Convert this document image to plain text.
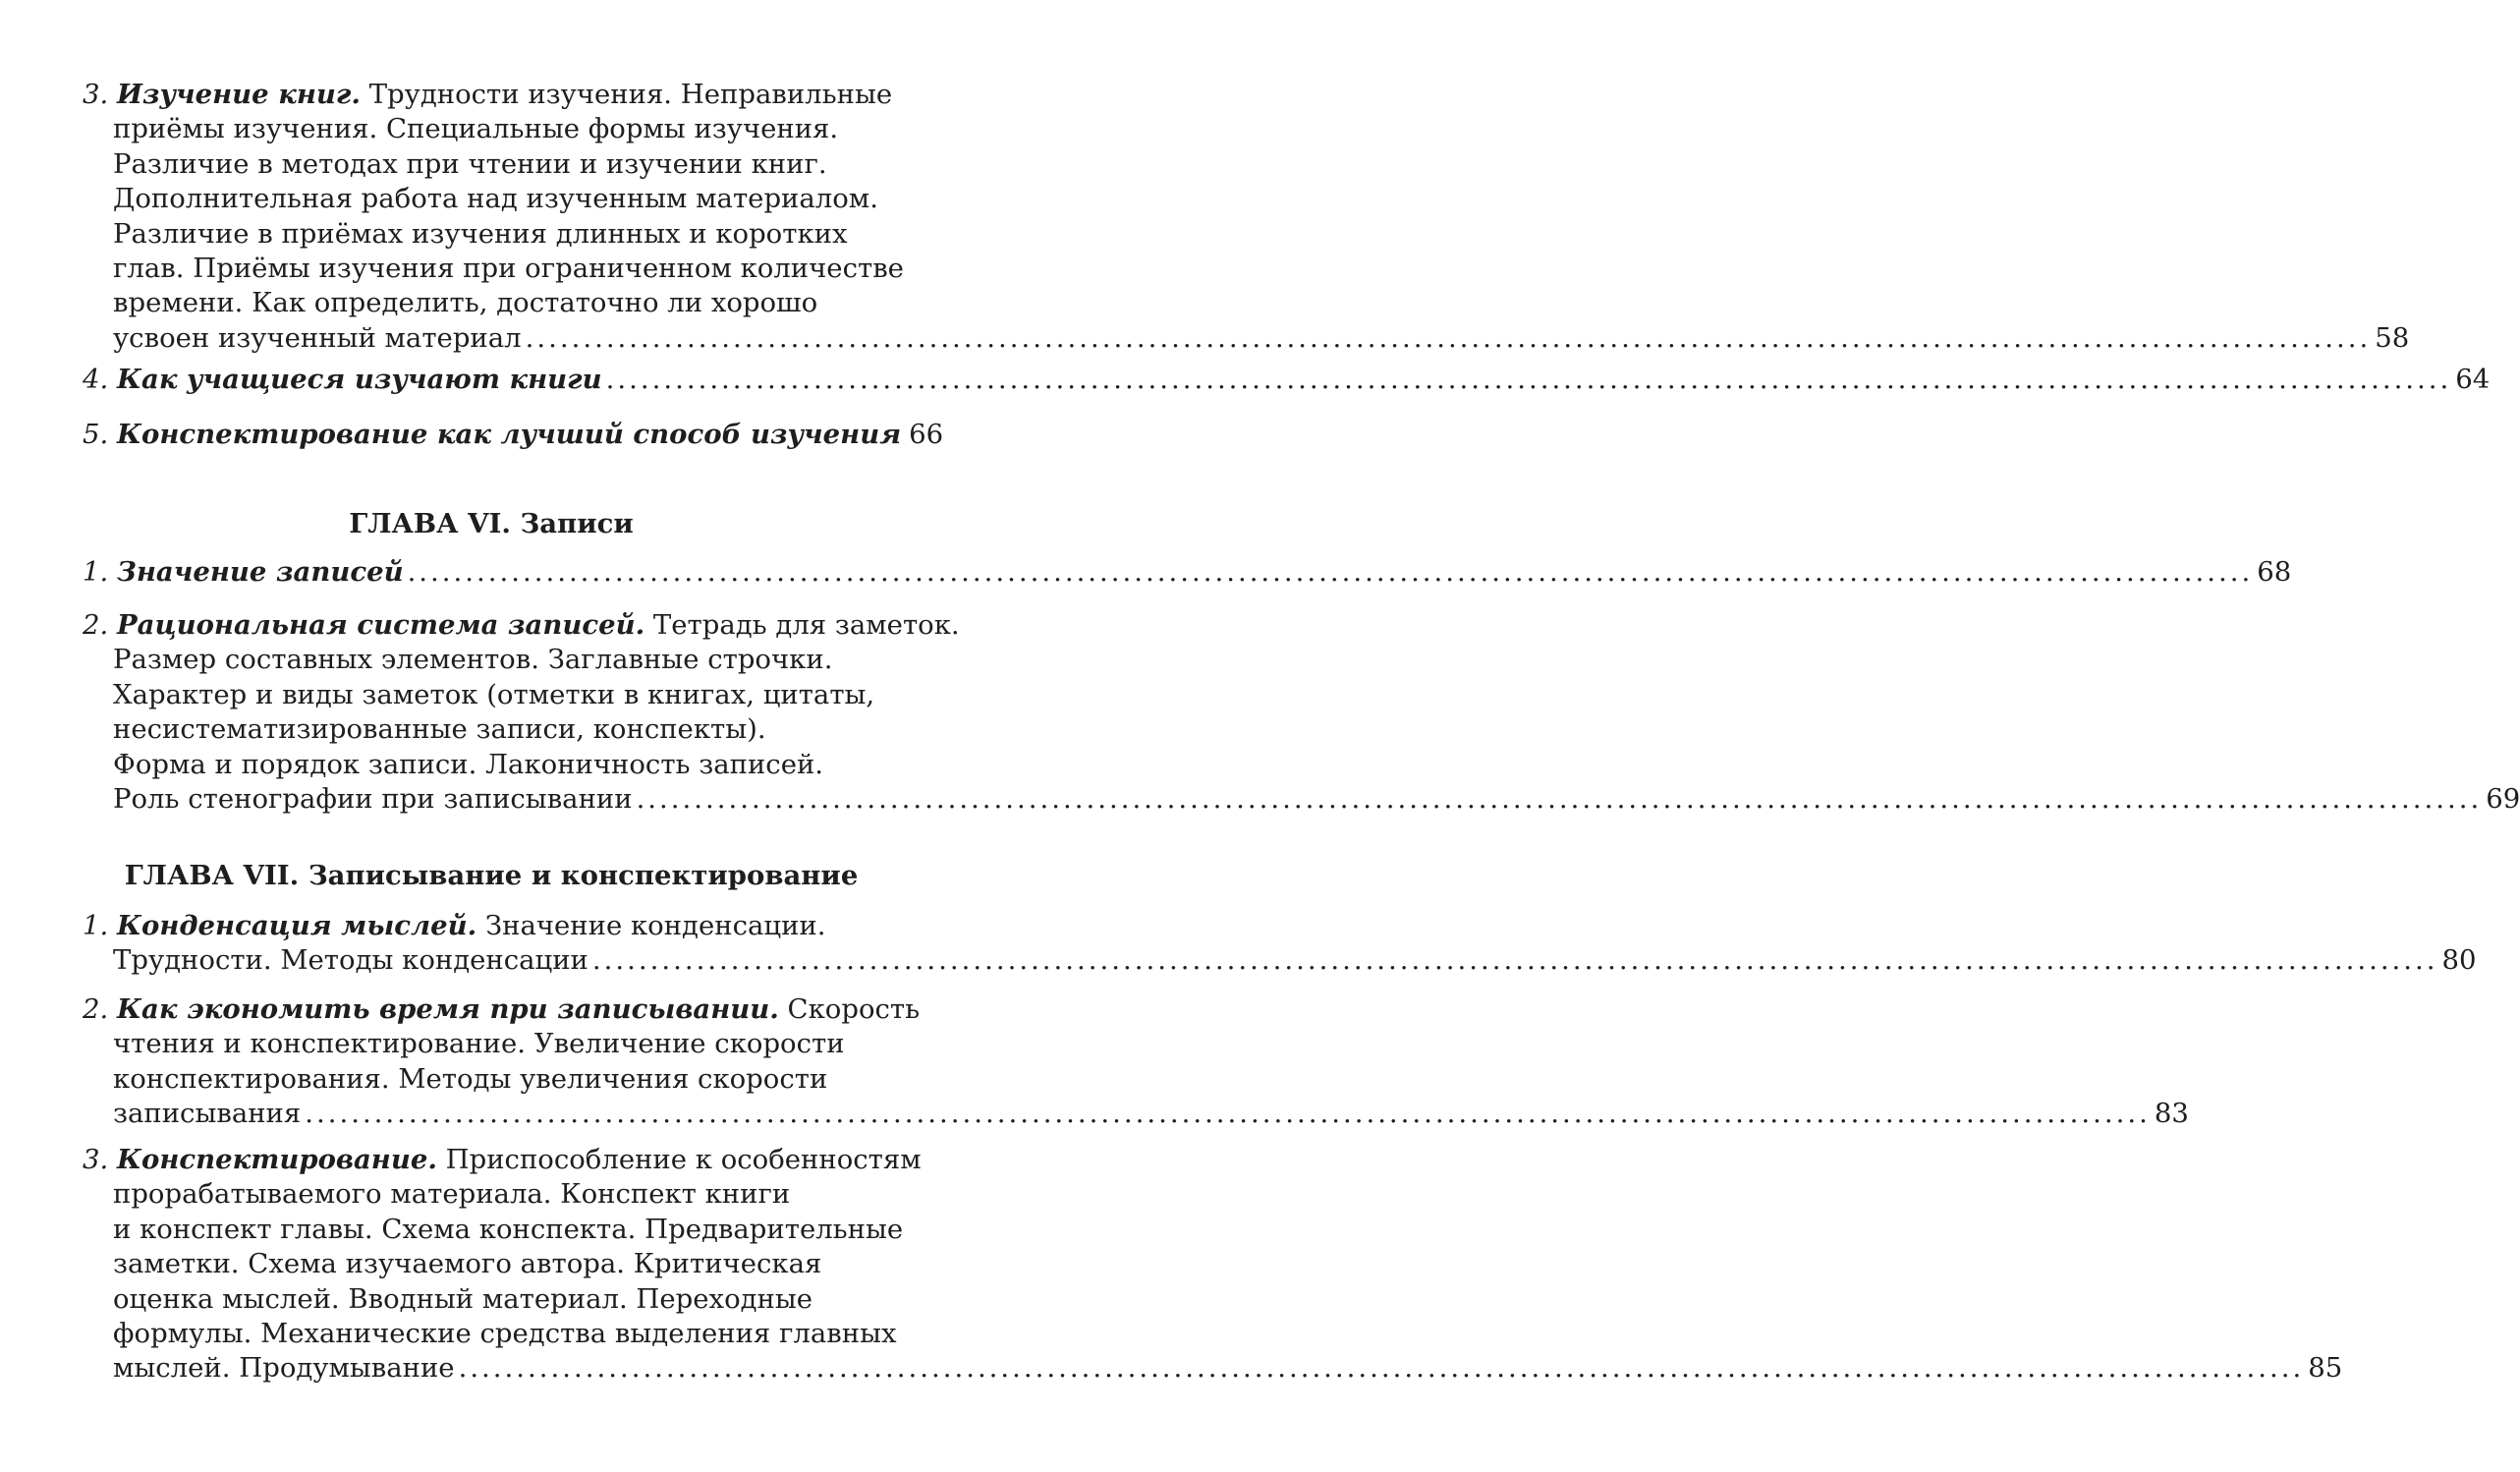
3. Изучение книг. Трудности изучения. Неправильные
приёмы изучения. Специальные формы изучения.
Различие в методах при чтении и изучении книг.
Дополнительная работа над изученным материалом.
Различие в приёмах изучения длинных и коротких
глав. Приёмы изучения при ограниченном количестве
времени. Как определить, достаточно ли хорошо
усвоен изученный материал ................................................................................................................................................................ 58
4. Как учащиеся изучают книги ................................................................................................................................................................ 64
5. Конспектирование как лучший способ изучения 66
ГЛАВА VI. Записи
1. Значение записей ................................................................................................................................................................ 68
2. Рациональная система записей. Тетрадь для заметок.
Размер составных элементов. Заглавные строчки.
Характер и виды заметок (отметки в книгах, цитаты,
несистематизированные записи, конспекты).
Форма и порядок записи. Лаконичность записей.
Роль стенографии при записывании ................................................................................................................................................................ 69
ГЛАВА VII. Записывание и конспектирование
1. Конденсация мыслей. Значение конденсации.
Трудности. Методы конденсации ................................................................................................................................................................ 80
2. Как экономить время при записывании. Скорость
чтения и конспектирование. Увеличение скорости
конспектирования. Методы увеличения скорости
записывания ................................................................................................................................................................ 83
3. Конспектирование. Приспособление к особенностям
прорабатываемого материала. Конспект книги
и конспект главы. Схема конспекта. Предварительные
заметки. Схема изучаемого автора. Критическая
оценка мыслей. Вводный материал. Переходные
формулы. Механические средства выделения главных
мыслей. Продумывание ................................................................................................................................................................ 85
